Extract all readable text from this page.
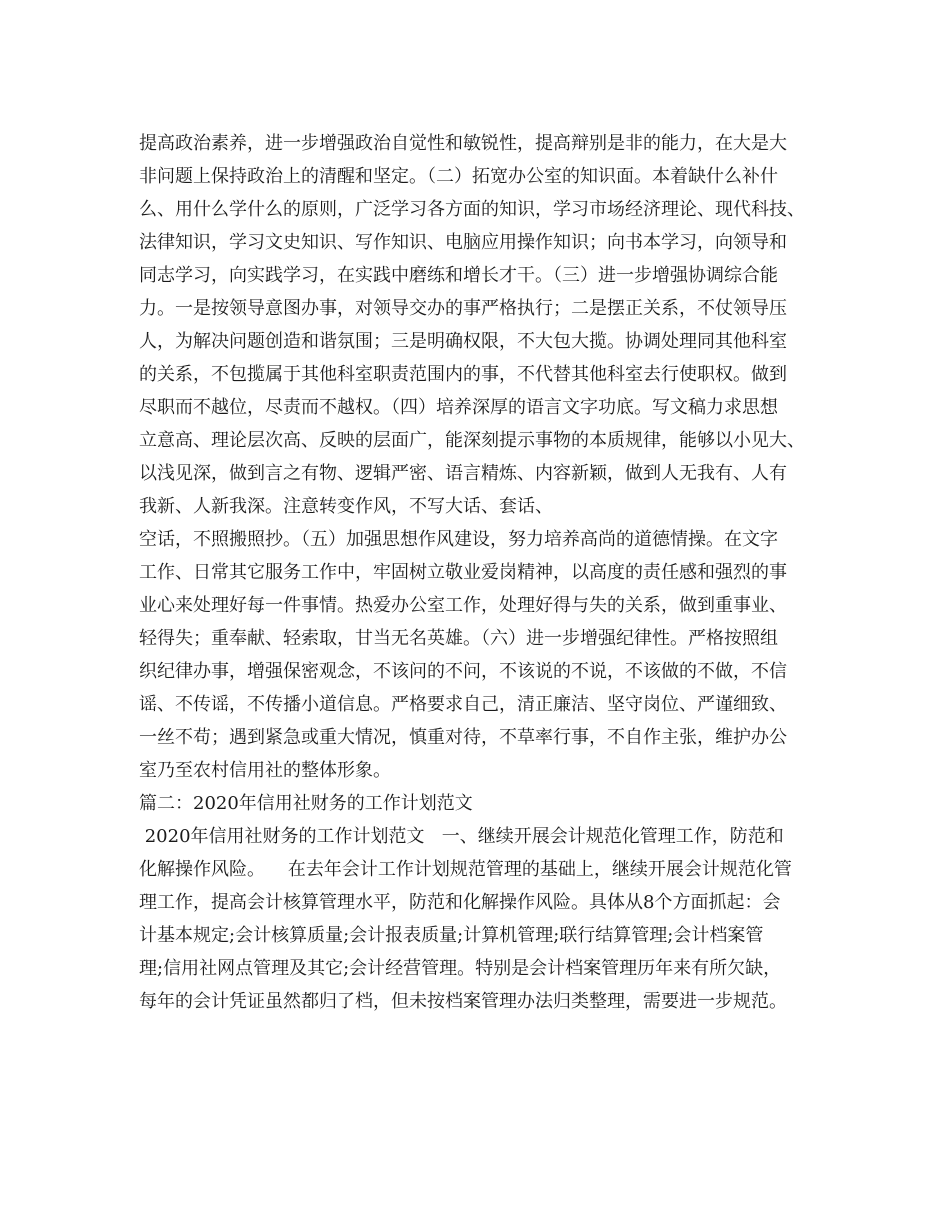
提高政治素养，进一步增强政治自觉性和敏锐性，提高辩别是非的能力，在大是大
非问题上保持政治上的清醒和坚定。（二）拓宽办公室的知识面。本着缺什么补什
么、用什么学什么的原则，广泛学习各方面的知识，学习市场经济理论、现代科技、
法律知识，学习文史知识、写作知识、电脑应用操作知识；向书本学习，向领导和
同志学习，向实践学习，在实践中磨练和增长才干。（三）进一步增强协调综合能
力。一是按领导意图办事，对领导交办的事严格执行；二是摆正关系，不仗领导压
人，为解决问题创造和谐氛围；三是明确权限，不大包大揽。协调处理同其他科室
的关系，不包揽属于其他科室职责范围内的事，不代替其他科室去行使职权。做到
尽职而不越位，尽责而不越权。（四）培养深厚的语言文字功底。写文稿力求思想
立意高、理论层次高、反映的层面广，能深刻提示事物的本质规律，能够以小见大、
以浅见深，做到言之有物、逻辑严密、语言精炼、内容新颖，做到人无我有、人有
我新、人新我深。注意转变作风，不写大话、套话、
空话，不照搬照抄。（五）加强思想作风建设，努力培养高尚的道德情操。在文字
工作、日常其它服务工作中，牢固树立敬业爱岗精神，以高度的责任感和强烈的事
业心来处理好每一件事情。热爱办公室工作，处理好得与失的关系，做到重事业、
轻得失；重奉献、轻索取，甘当无名英雄。（六）进一步增强纪律性。严格按照组
织纪律办事，增强保密观念，不该问的不问，不该说的不说，不该做的不做，不信
谣、不传谣，不传播小道信息。严格要求自己，清正廉洁、坚守岗位、严谨细致、
一丝不苟；遇到紧急或重大情况，慎重对待，不草率行事，不自作主张，维护办公
室乃至农村信用社的整体形象。
篇二：2020年信用社财务的工作计划范文
2020年信用社财务的工作计划范文   一、继续开展会计规范化管理工作，防范和
化解操作风险。    在去年会计工作计划规范管理的基础上，继续开展会计规范化管
理工作，提高会计核算管理水平，防范和化解操作风险。具体从8个方面抓起：会
计基本规定;会计核算质量;会计报表质量;计算机管理;联行结算管理;会计档案管
理;信用社网点管理及其它;会计经营管理。特别是会计档案管理历年来有所欠缺，
每年的会计凭证虽然都归了档，但未按档案管理办法归类整理，需要进一步规范。
